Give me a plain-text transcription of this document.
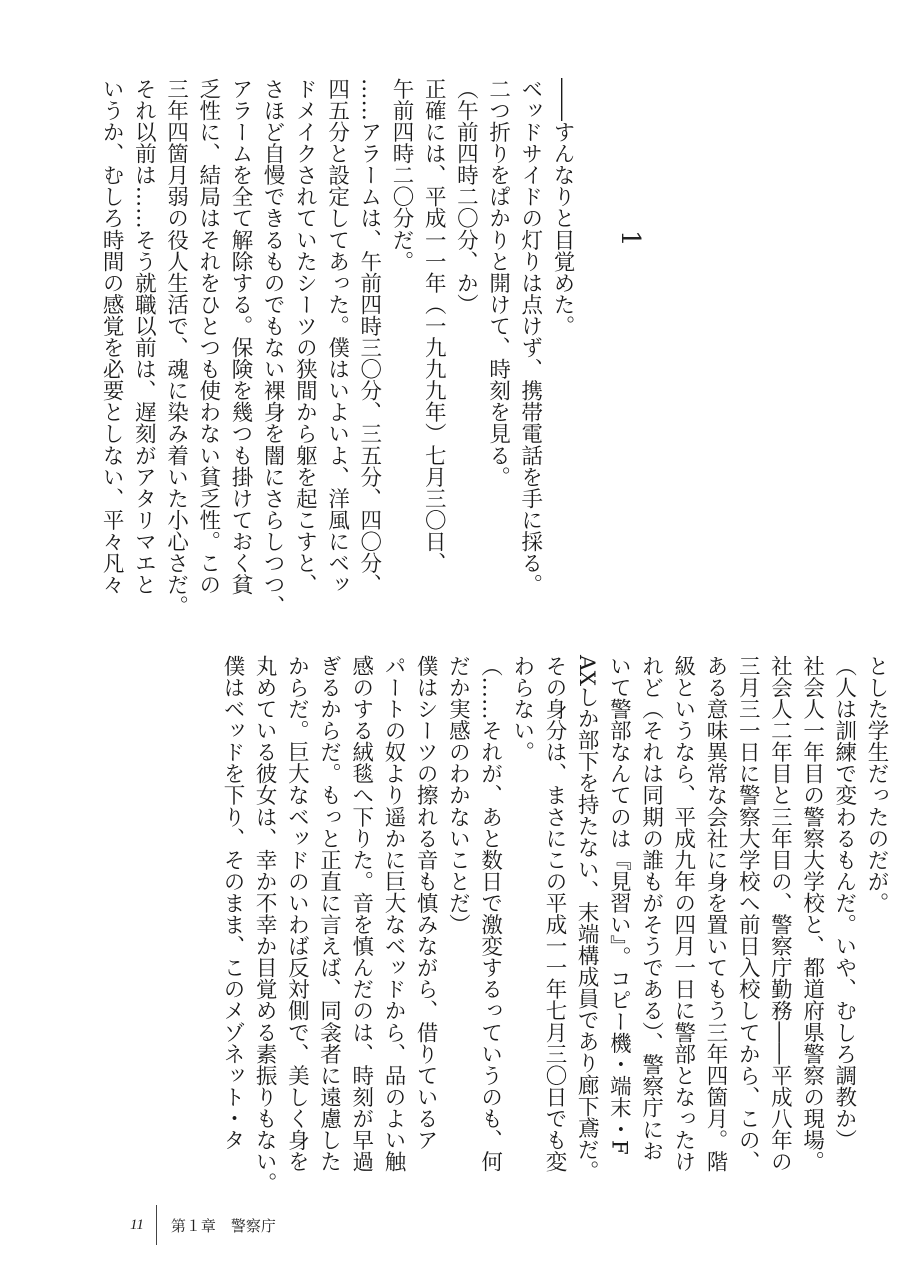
1
――すんなりと目覚めた。
ベッドサイドの灯りは点けず、携帯電話を手に採る。
二つ折りをぱかりと開けて、時刻を見る。
（午前四時二〇分、か）
正確には、平成一一年（一九九九年）七月三〇日、
午前四時二〇分だ。
……アラームは、午前四時三〇分、三五分、四〇分、
四五分と設定してあった。僕はいよいよ、洋風にベッ
ドメイクされていたシーツの狭間から躯を起こすと、
さほど自慢できるものでもない裸身を闇にさらしつつ、
アラームを全て解除する。保険を幾つも掛けておく貧
乏性に、結局はそれをひとつも使わない貧乏性。この
三年四箇月弱の役人生活で、魂に染み着いた小心さだ。
それ以前は……そう就職以前は、遅刻がアタリマエと
いうか、むしろ時間の感覚を必要としない、平々凡々
とした学生だったのだが。
（人は訓練で変わるもんだ。いや、むしろ調教か）
社会人一年目の警察大学校と、都道府県警察の現場。
社会人二年目と三年目の、警察庁勤務――平成八年の
三月三一日に警察大学校へ前日入校してから、この、
ある意味異常な会社に身を置いてもう三年四箇月。階
級というなら、平成九年の四月一日に警部となったけ
れど（それは同期の誰もがそうである）、警察庁にお
いて警部なんてのは『見習い』。コピー機・端末・F
AXしか部下を持たない、末端構成員であり廊下鳶だ。
その身分は、まさにこの平成一一年七月三〇日でも変
わらない。
（……それが、あと数日で激変するっていうのも、何
だか実感のわかないことだ）
僕はシーツの擦れる音も慎みながら、借りているア
パートの奴より遥かに巨大なベッドから、品のよい触
感のする絨毯へ下りた。音を慎んだのは、時刻が早過
ぎるからだ。もっと正直に言えば、同衾者に遠慮した
からだ。巨大なベッドのいわば反対側で、美しく身を
丸めている彼女は、幸か不幸か目覚める素振りもない。
僕はベッドを下り、そのまま、このメゾネット・タ
11 第１章　警察庁
